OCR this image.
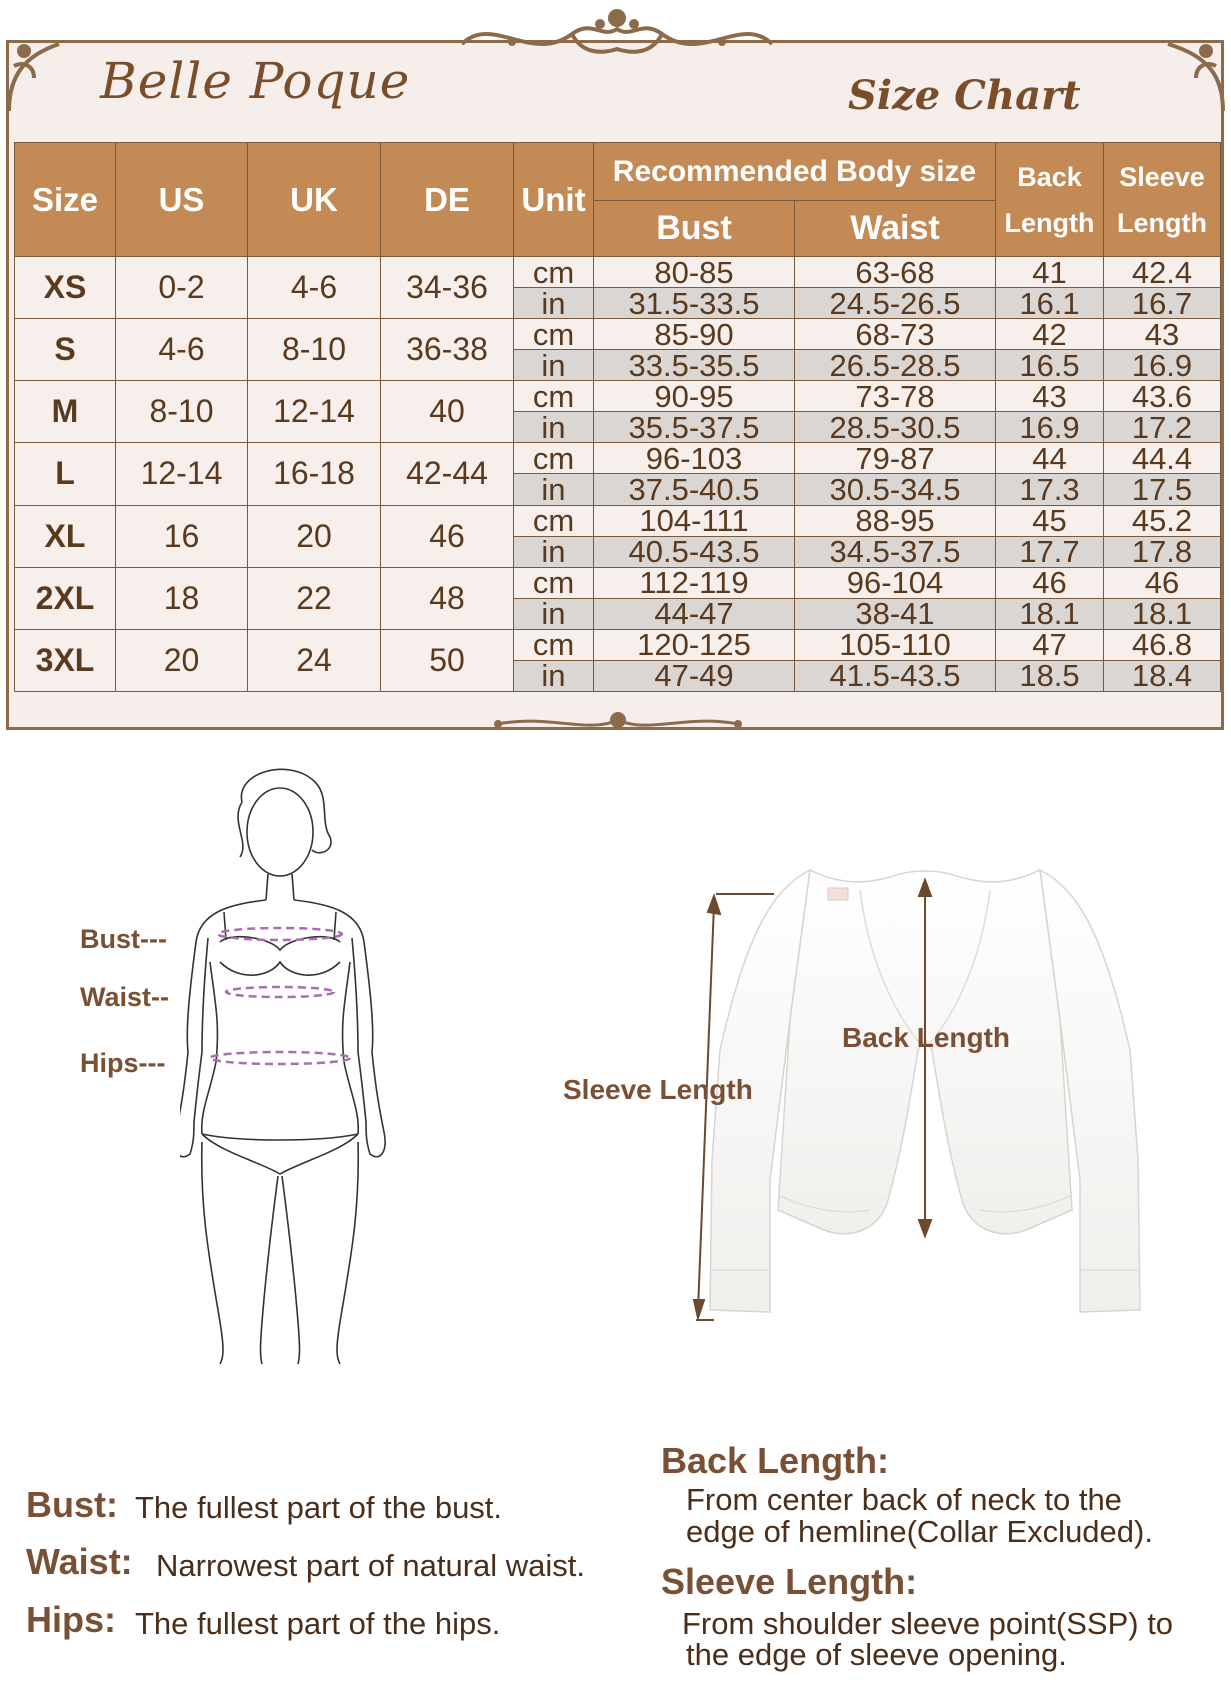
Belle Poque	Size Chart
Size	US	UK	DE	Unit	Recommended Body size		Back Length	Sleeve Length
					Bust	Waist		
XS	0-2	4-6	34-36	cm	80-85	63-68	41	42.4
				in	31.5-33.5	24.5-26.5	16.1	16.7
S	4-6	8-10	36-38	cm	85-90	68-73	42	43
				in	33.5-35.5	26.5-28.5	16.5	16.9
M	8-10	12-14	40	cm	90-95	73-78	43	43.6
				in	35.5-37.5	28.5-30.5	16.9	17.2
L	12-14	16-18	42-44	cm	96-103	79-87	44	44.4
				in	37.5-40.5	30.5-34.5	17.3	17.5
XL	16	20	46	cm	104-111	88-95	45	45.2
				in	40.5-43.5	34.5-37.5	17.7	17.8
2XL	18	22	48	cm	112-119	96-104	46	46
				in	44-47	38-41	18.1	18.1
3XL	20	24	50	cm	120-125	105-110	47	46.8
				in	47-49	41.5-43.5	18.5	18.4
Bust---
Waist--
Hips---
Back Length
Sleeve Length
Bust: The fullest part of the bust.
Waist: Narrowest part of natural waist.
Hips: The fullest part of the hips.
Back Length:
From center back of neck to the
edge of hemline(Collar Excluded).
Sleeve Length:
From shoulder sleeve point(SSP) to
the edge of sleeve opening.
